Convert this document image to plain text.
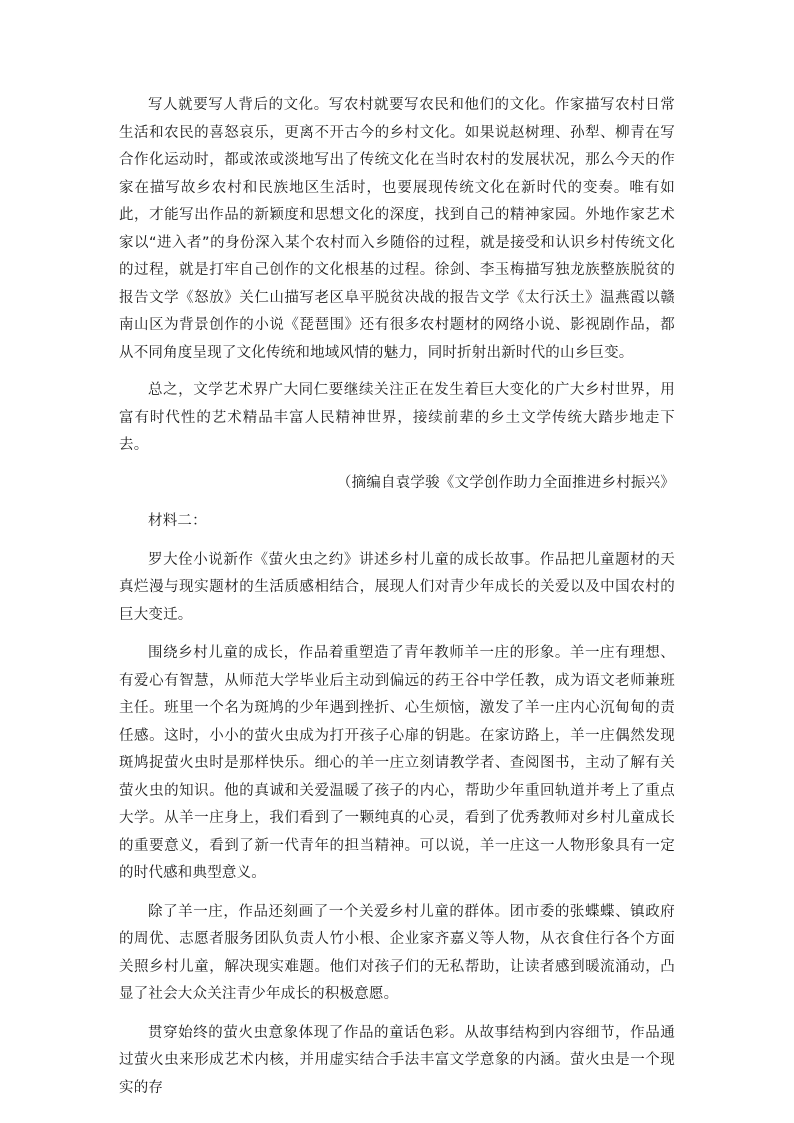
写人就要写人背后的文化。写农村就要写农民和他们的文化。作家描写农村日常生活和农民的喜怒哀乐，更离不开古今的乡村文化。如果说赵树理、孙犁、柳青在写合作化运动时，都或浓或淡地写出了传统文化在当时农村的发展状况，那么今天的作家在描写故乡农村和民族地区生活时，也要展现传统文化在新时代的变奏。唯有如此，才能写出作品的新颖度和思想文化的深度，找到自己的精神家园。外地作家艺术家以“进入者”的身份深入某个农村而入乡随俗的过程，就是接受和认识乡村传统文化的过程，就是打牢自己创作的文化根基的过程。徐剑、李玉梅描写独龙族整族脱贫的报告文学《怒放》关仁山描写老区阜平脱贫决战的报告文学《太行沃土》温燕霞以赣南山区为背景创作的小说《琵琶围》还有很多农村题材的网络小说、影视剧作品，都从不同角度呈现了文化传统和地域风情的魅力，同时折射出新时代的山乡巨变。

总之，文学艺术界广大同仁要继续关注正在发生着巨大变化的广大乡村世界，用富有时代性的艺术精品丰富人民精神世界，接续前辈的乡土文学传统大踏步地走下去。

（摘编自袁学骏《文学创作助力全面推进乡村振兴》

材料二：

罗大佺小说新作《萤火虫之约》讲述乡村儿童的成长故事。作品把儿童题材的天真烂漫与现实题材的生活质感相结合，展现人们对青少年成长的关爱以及中国农村的巨大变迁。

围绕乡村儿童的成长，作品着重塑造了青年教师羊一庄的形象。羊一庄有理想、有爱心有智慧，从师范大学毕业后主动到偏远的药王谷中学任教，成为语文老师兼班主任。班里一个名为斑鸠的少年遇到挫折、心生烦恼，激发了羊一庄内心沉甸甸的责任感。这时，小小的萤火虫成为打开孩子心扉的钥匙。在家访路上，羊一庄偶然发现斑鸠捉萤火虫时是那样快乐。细心的羊一庄立刻请教学者、查阅图书，主动了解有关萤火虫的知识。他的真诚和关爱温暖了孩子的内心，帮助少年重回轨道并考上了重点大学。从羊一庄身上，我们看到了一颗纯真的心灵，看到了优秀教师对乡村儿童成长的重要意义，看到了新一代青年的担当精神。可以说，羊一庄这一人物形象具有一定的时代感和典型意义。

除了羊一庄，作品还刻画了一个关爱乡村儿童的群体。团市委的张蝶蝶、镇政府的周优、志愿者服务团队负责人竹小根、企业家齐嘉义等人物，从衣食住行各个方面关照乡村儿童，解决现实难题。他们对孩子们的无私帮助，让读者感到暖流涌动，凸显了社会大众关注青少年成长的积极意愿。

贯穿始终的萤火虫意象体现了作品的童话色彩。从故事结构到内容细节，作品通过萤火虫来形成艺术内核，并用虚实结合手法丰富文学意象的内涵。萤火虫是一个现实的存
